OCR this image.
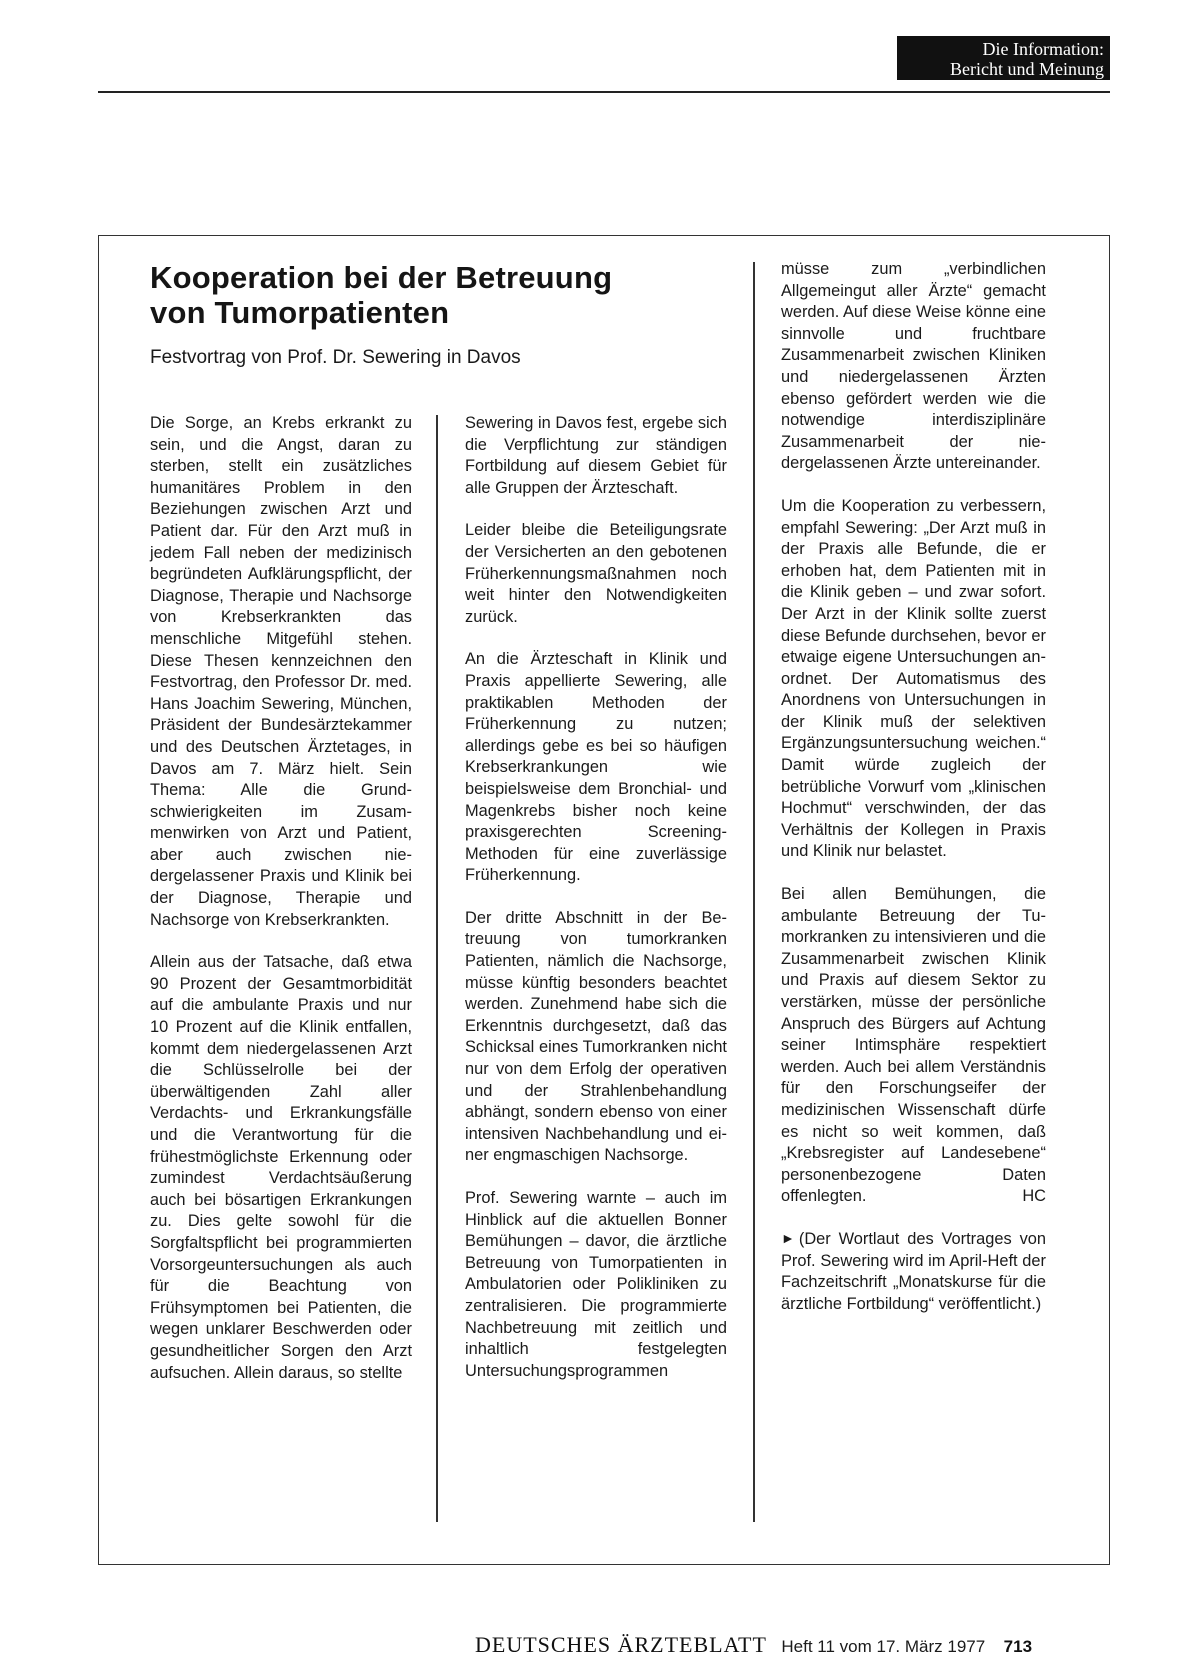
Die Information:
Bericht und Meinung
Kooperation bei der Betreuung
von Tumorpatienten
Festvortrag von Prof. Dr. Sewering in Davos

Die Sorge, an Krebs erkrankt zu sein, und die Angst, daran zu sterben, stellt ein zusätzliches humanitäres Problem in den Beziehungen zwischen Arzt und Patient dar. Für den Arzt muß in jedem Fall neben der medizinisch begründeten Aufklärungspflicht, der Diagnose, Therapie und Nachsorge von Krebserkrankten das menschliche Mitgefühl stehen. Diese Thesen kennzeichnen den Festvortrag, den Professor Dr. med. Hans Joachim Sewering, München, Präsident der Bundesärztekammer und des Deutschen Ärztetages, in Davos am 7. März hielt. Sein Thema: Alle die Grundschwierigkeiten im Zusammenwirken von Arzt und Patient, aber auch zwischen niedergelassener Praxis und Klinik bei der Diagnose, Therapie und Nachsorge von Krebserkrankten.

Allein aus der Tatsache, daß etwa 90 Prozent der Gesamtmorbidität auf die ambulante Praxis und nur 10 Prozent auf die Klinik entfallen, kommt dem niedergelassenen Arzt die Schlüsselrolle bei der überwältigenden Zahl aller Verdachts- und Erkrankungsfälle und die Verantwortung für die frühestmöglichste Erkennung oder zumindest Verdachtsäußerung auch bei bösartigen Erkrankungen zu. Dies gelte sowohl für die Sorgfaltspflicht bei programmierten Vorsorgeuntersuchungen als auch für die Beachtung von Frühsymptomen bei Patienten, die wegen unklarer Beschwerden oder gesundheitlicher Sorgen den Arzt aufsuchen. Allein daraus, so stellte

Sewering in Davos fest, ergebe sich die Verpflichtung zur ständigen Fortbildung auf diesem Gebiet für alle Gruppen der Ärzteschaft.

Leider bleibe die Beteiligungsrate der Versicherten an den gebotenen Früherkennungsmaßnahmen noch weit hinter den Notwendigkeiten zurück.

An die Ärzteschaft in Klinik und Praxis appellierte Sewering, alle praktikablen Methoden der Früherkennung zu nutzen; allerdings gebe es bei so häufigen Krebserkrankungen wie beispielsweise dem Bronchial- und Magenkrebs bisher noch keine praxisgerechten Screening-Methoden für eine zuverlässige Früherkennung.

Der dritte Abschnitt in der Betreuung von tumorkranken Patienten, nämlich die Nachsorge, müsse künftig besonders beachtet werden. Zunehmend habe sich die Erkenntnis durchgesetzt, daß das Schicksal eines Tumorkranken nicht nur von dem Erfolg der operativen und der Strahlenbehandlung abhängt, sondern ebenso von einer intensiven Nachbehandlung und einer engmaschigen Nachsorge.

Prof. Sewering warnte – auch im Hinblick auf die aktuellen Bonner Bemühungen – davor, die ärztliche Betreuung von Tumorpatienten in Ambulatorien oder Polikliniken zu zentralisieren. Die programmierte Nachbetreuung mit zeitlich und inhaltlich festgelegten Untersuchungsprogrammen

müsse zum „verbindlichen Allgemeingut aller Ärzte“ gemacht werden. Auf diese Weise könne eine sinnvolle und fruchtbare Zusammenarbeit zwischen Kliniken und niedergelassenen Ärzten ebenso gefördert werden wie die notwendige interdisziplinäre Zusammenarbeit der niedergelassenen Ärzte untereinander.

Um die Kooperation zu verbessern, empfahl Sewering: „Der Arzt muß in der Praxis alle Befunde, die er erhoben hat, dem Patienten mit in die Klinik geben – und zwar sofort. Der Arzt in der Klinik sollte zuerst diese Befunde durchsehen, bevor er etwaige eigene Untersuchungen anordnet. Der Automatismus des Anordnens von Untersuchungen in der Klinik muß der selektiven Ergänzungsuntersuchung weichen.“ Damit würde zugleich der betrübliche Vorwurf vom „klinischen Hochmut“ verschwinden, der das Verhältnis der Kollegen in Praxis und Klinik nur belastet.

Bei allen Bemühungen, die ambulante Betreuung der Tumorkranken zu intensivieren und die Zusammenarbeit zwischen Klinik und Praxis auf diesem Sektor zu verstärken, müsse der persönliche Anspruch des Bürgers auf Achtung seiner Intimsphäre respektiert werden. Auch bei allem Verständnis für den Forschungseifer der medizinischen Wissenschaft dürfe es nicht so weit kommen, daß „Krebsregister auf Landesebene“ personenbezogene Daten offenlegten.	HC

► (Der Wortlaut des Vortrages von Prof. Sewering wird im April-Heft der Fachzeitschrift „Monatskurse für die ärztliche Fortbildung“ veröffentlicht.)

DEUTSCHES ÄRZTEBLATT Heft 11 vom 17. März 1977 713
